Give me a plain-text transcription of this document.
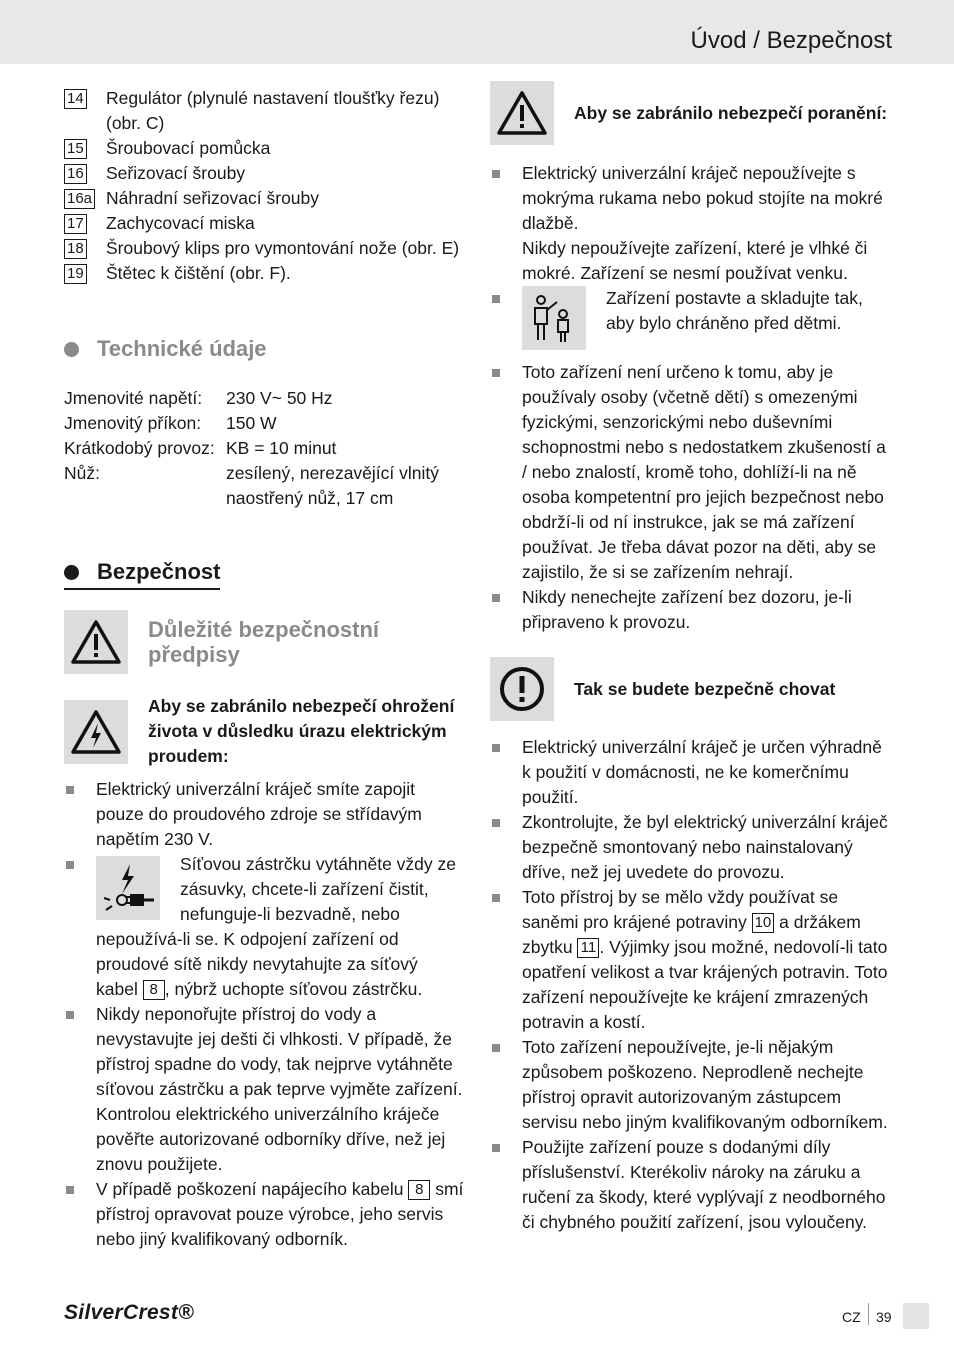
Úvod / Bezpečnost
14	Regulátor (plynulé nastavení tloušťky řezu) (obr. C)
15	Šroubovací pomůcka
16	Seřizovací šrouby
16a Náhradní seřizovací šrouby
17	Zachycovací miska
18	Šroubový klips pro vymontování nože (obr. E)
19	Štětec k čištění (obr. F).
Technické údaje
Jmenovité napětí:	230 V~ 50 Hz
Jmenovitý příkon:	150 W
Krátkodobý provoz: KB = 10 minut
Nůž:	zesílený, nerezavějící vlnitý naostřený nůž, 17 cm
Bezpečnost
Důležité bezpečnostní předpisy
Aby se zabránilo nebezpečí ohrožení života v důsledku úrazu elektrickým proudem:
Elektrický univerzální kráječ smíte zapojit pouze do proudového zdroje se střídavým napětím 230 V.
Síťovou zástrčku vytáhněte vždy ze zásuvky, chcete-li zařízení čistit, nefunguje-li bezvadně, nebo nepoužívá-li se. K odpojení zařízení od proudové sítě nikdy nevytahujte za síťový kabel 8 , nýbrž uchopte síťovou zástrčku.
Nikdy neponořujte přístroj do vody a nevystavujte jej dešti či vlhkosti. V případě, že přístroj spadne do vody, tak nejprve vytáhněte síťovou zástrčku a pak teprve vyjměte zařízení. Kontrolou elektrického univerzálního kráječe pověřte autorizované odborníky dříve, než jej znovu použijete.
V případě poškození napájecího kabelu 8 smí přístroj opravovat pouze výrobce, jeho servis nebo jiný kvalifikovaný odborník.
Aby se zabránilo nebezpečí poranění:
Elektrický univerzální kráječ nepoužívejte s mokrýma rukama nebo pokud stojíte na mokré dlažbě.
Nikdy nepoužívejte zařízení, které je vlhké či mokré. Zařízení se nesmí používat venku.
Zařízení postavte a skladujte tak, aby bylo chráněno před dětmi.
Toto zařízení není určeno k tomu, aby je používaly osoby (včetně dětí) s omezenými fyzickými, senzorickými nebo duševními schopnostmi nebo s nedostatkem zkušeností a / nebo znalostí, kromě toho, dohlíží-li na ně osoba kompetentní pro jejich bezpečnost nebo obdrží-li od ní instrukce, jak se má zařízení používat. Je třeba dávat pozor na děti, aby se zajistilo, že si se zařízením nehrají.
Nikdy nenechejte zařízení bez dozoru, je-li připraveno k provozu.
Tak se budete bezpečně chovat
Elektrický univerzální kráječ je určen výhradně k použití v domácnosti, ne ke komerčnímu použití.
Zkontrolujte, že byl elektrický univerzální kráječ bezpečně smontovaný nebo nainstalovaný dříve, než jej uvedete do provozu.
Toto přístroj by se mělo vždy používat se saněmi pro krájené potraviny 10 a držákem zbytku 11 . Výjimky jsou možné, nedovolí-li tato opatření velikost a tvar krájených potravin. Toto zařízení nepoužívejte ke krájení zmrazených potravin a kostí.
Toto zařízení nepoužívejte, je-li nějakým způsobem poškozeno. Neprodleně nechejte přístroj opravit autorizovaným zástupcem servisu nebo jiným kvalifikovaným odborníkem.
Použijte zařízení pouze s dodanými díly příslušenství. Kterékoliv nároky na záruku a ručení za škody, které vyplývají z neodborného či chybného použití zařízení, jsou vyloučeny.
SilverCrest®	CZ 39
